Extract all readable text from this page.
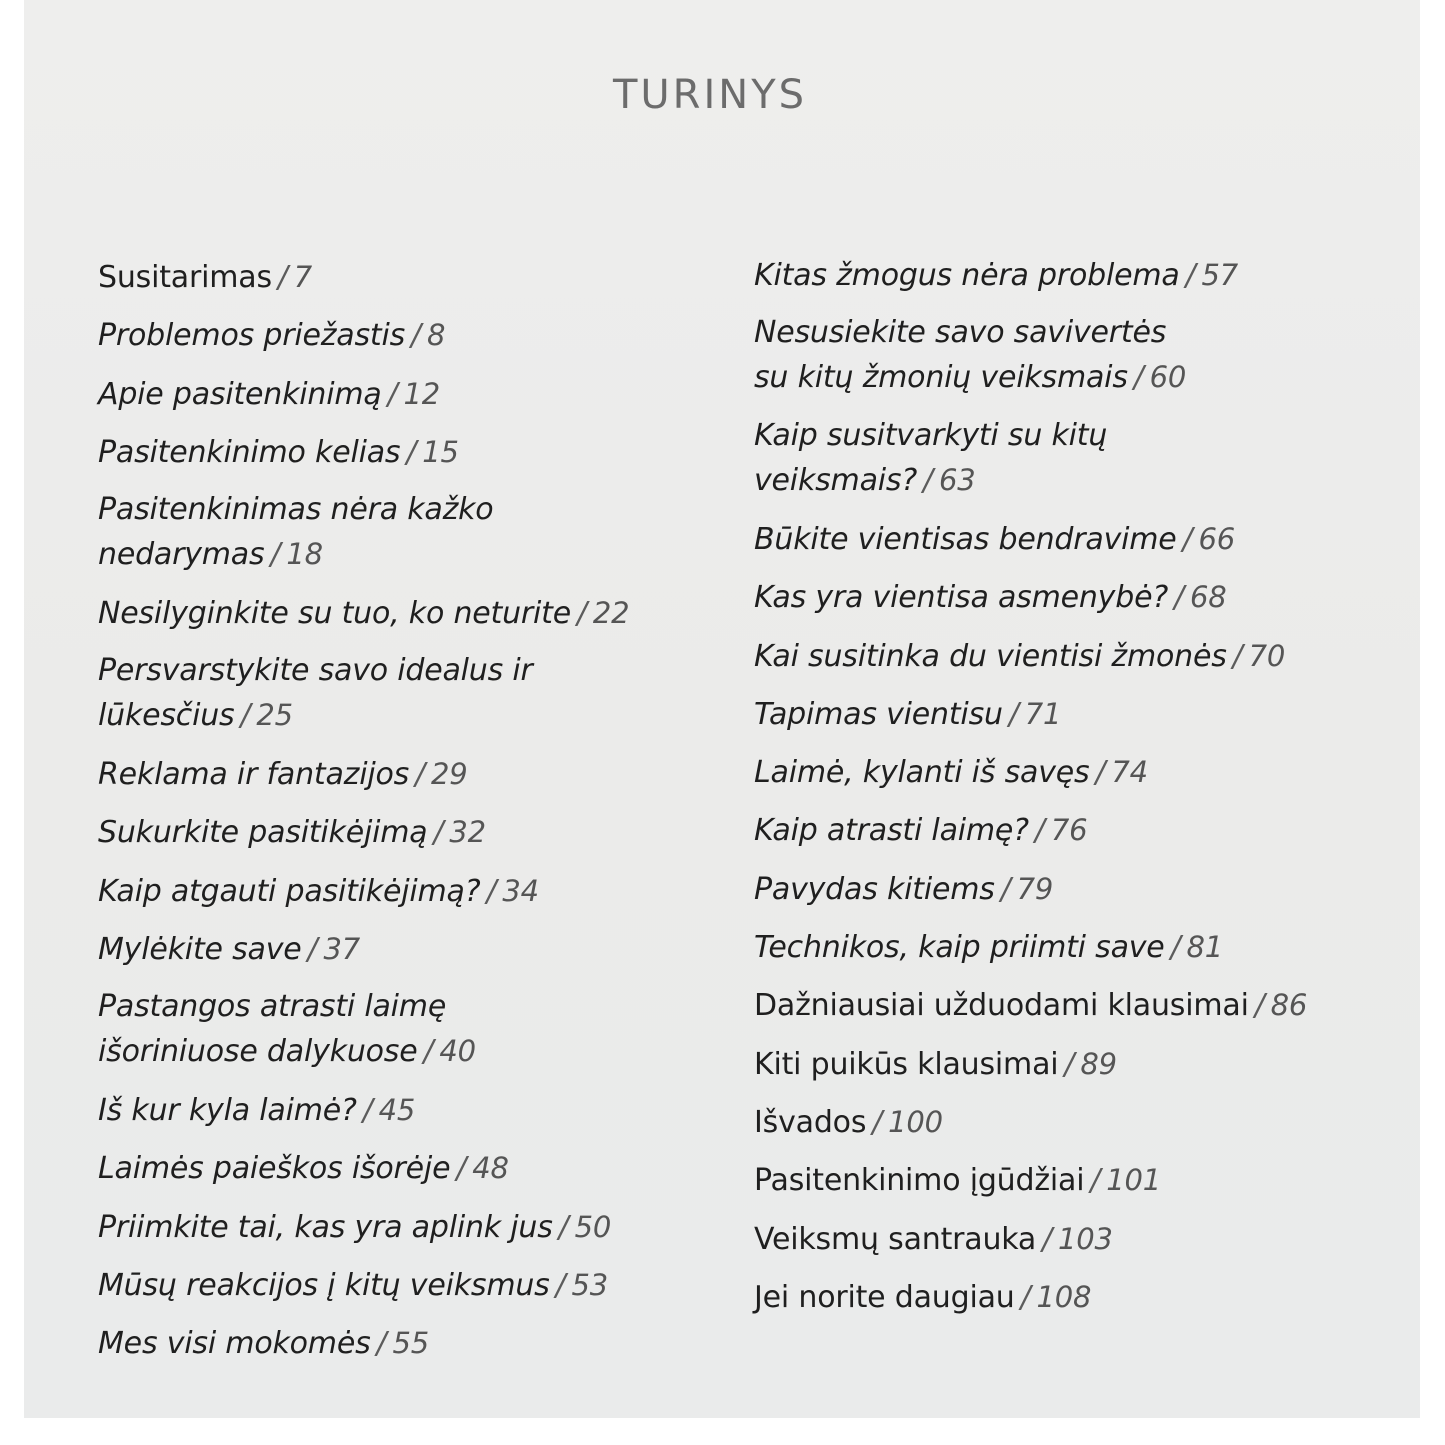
TURINYS
Susitarimas / 7
Problemos priežastis / 8
Apie pasitenkinimą / 12
Pasitenkinimo kelias / 15
Pasitenkinimas nėra kažko
nedarymas / 18
Nesilyginkite su tuo, ko neturite / 22
Persvarstykite savo idealus ir
lūkesčius / 25
Reklama ir fantazijos / 29
Sukurkite pasitikėjimą / 32
Kaip atgauti pasitikėjimą? / 34
Mylėkite save / 37
Pastangos atrasti laimę
išoriniuose dalykuose / 40
Iš kur kyla laimė? / 45
Laimės paieškos išorėje / 48
Priimkite tai, kas yra aplink jus / 50
Mūsų reakcijos į kitų veiksmus / 53
Mes visi mokomės / 55
Kitas žmogus nėra problema / 57
Nesusiekite savo savivertės
su kitų žmonių veiksmais / 60
Kaip susitvarkyti su kitų
veiksmais? / 63
Būkite vientisas bendravime / 66
Kas yra vientisa asmenybė? / 68
Kai susitinka du vientisi žmonės / 70
Tapimas vientisu / 71
Laimė, kylanti iš savęs / 74
Kaip atrasti laimę? / 76
Pavydas kitiems / 79
Technikos, kaip priimti save / 81
Dažniausiai užduodami klausimai / 86
Kiti puikūs klausimai / 89
Išvados / 100
Pasitenkinimo įgūdžiai / 101
Veiksmų santrauka / 103
Jei norite daugiau / 108
